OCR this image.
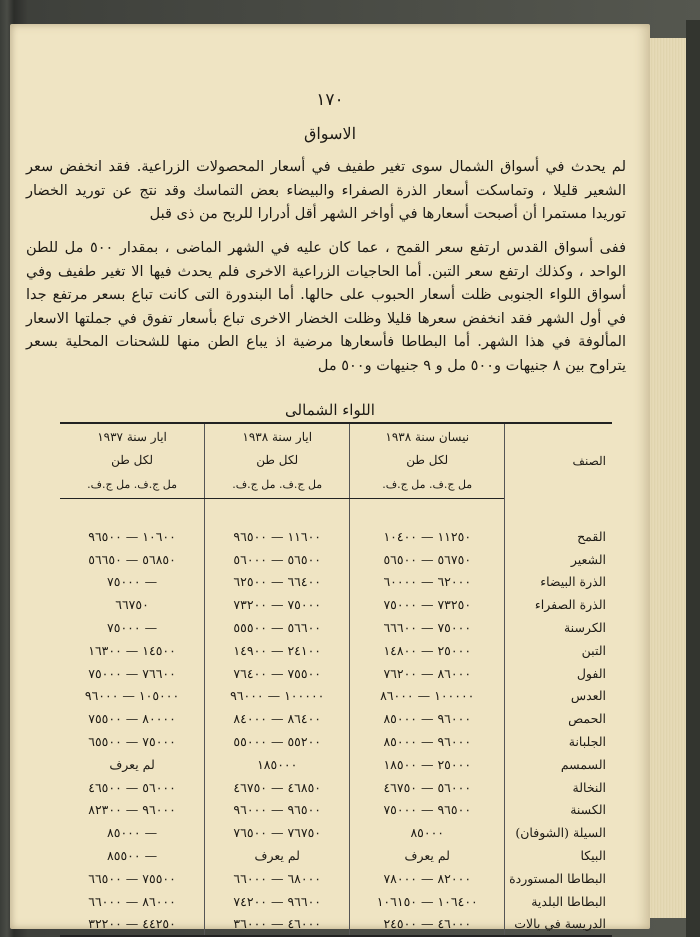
١٧٠
الاسواق
لم يحدث في أسواق الشمال سوى تغير طفيف في أسعار المحصولات الزراعية. فقد انخفض سعر الشعير قليلا ، وتماسكت أسعار الذرة الصفراء والبيضاء بعض التماسك وقد نتج عن توريد الخضار توريدا مستمرا أن أصبحت أسعارها في أواخر الشهر أقل أدرارا للربح من ذى قبل
ففى أسواق القدس ارتفع سعر القمح ، عما كان عليه في الشهر الماضى ، بمقدار ٥٠٠ مل للطن الواحد ، وكذلك ارتفع سعر التبن. أما الحاجيات الزراعية الاخرى فلم يحدث فيها الا تغير طفيف وفي أسواق اللواء الجنوبى ظلت أسعار الحبوب على حالها. أما البندورة التى كانت تباع بسعر مرتفع جدا في أول الشهر فقد انخفض سعرها قليلا وظلت الخضار الاخرى تباع بأسعار تفوق في جملتها الاسعار المألوفة في هذا الشهر. أما البطاطا فأسعارها مرضية اذ يباع الطن منها للشحنات المحلية بسعر يتراوح بين ٨ جنيهات و٥٠٠ مل و ٩ جنيهات و٥٠٠ مل
اللواء الشمالى
الصنف	نيسان سنة ١٩٣٨	ايار سنة ١٩٣٨	ايار سنة ١٩٣٧
	لكل طن	لكل طن	لكل طن
	مل ج.ف. مل ج.ف.	مل ج.ف. مل ج.ف.	مل ج.ف. مل ج.ف.
القمح	١١٢٥٠ — ١٠٤٠٠	١١٦٠٠ — ٩٦٥٠٠	١٠٦٠٠ — ٩٦٥٠٠
الشعير	٥٦٧٥٠ — ٥٦٥٠٠	٥٦٥٠٠ — ٥٦٠٠٠	٥٦٨٥٠ — ٥٦٦٥٠
الذرة البيضاء	٦٢٠٠٠ — ٦٠٠٠٠	٦٦٤٠٠ — ٦٢٥٠٠	— ٧٥٠٠٠
الذرة الصفراء	٧٣٢٥٠ — ٧٥٠٠٠	٧٥٠٠٠ — ٧٣٢٠٠	٦٦٧٥٠
الكرسنة	٧٥٠٠٠ — ٦٦٦٠٠	٥٦٦٠٠ — ٥٥٥٠٠	— ٧٥٠٠٠
التبن	٢٥٠٠٠ — ١٤٨٠٠	٢٤١٠٠ — ١٤٩٠٠	١٤٥٠٠ — ١٦٣٠٠
الفول	٨٦٠٠٠ — ٧٦٢٠٠	٧٥٥٠٠ — ٧٦٤٠٠	٧٦٦٠٠ — ٧٥٠٠٠
العدس	١٠٠٠٠٠ — ٨٦٠٠٠	١٠٠٠٠٠ — ٩٦٠٠٠	١٠٥٠٠٠ — ٩٦٠٠٠
الحمص	٩٦٠٠٠ — ٨٥٠٠٠	٨٦٤٠٠ — ٨٤٠٠٠	٨٠٠٠٠ — ٧٥٥٠٠
الجلبانة	٩٦٠٠٠ — ٨٥٠٠٠	٥٥٢٠٠ — ٥٥٠٠٠	٧٥٠٠٠ — ٦٥٥٠٠
السمسم	٢٥٠٠٠ — ١٨٥٠٠	١٨٥٠٠٠	لم يعرف
النخالة	٥٦٠٠٠ — ٤٦٧٥٠	٤٦٨٥٠ — ٤٦٧٥٠	٥٦٠٠٠ — ٤٦٥٠٠
الكسنة	٩٦٥٠٠ — ٧٥٠٠٠	٩٦٥٠٠ — ٩٦٠٠٠	٩٦٠٠٠ — ٨٢٣٠٠
السيلة (الشوفان)	٨٥٠٠٠	٧٦٧٥٠ — ٧٦٥٠٠	— ٨٥٠٠٠
البيكا	لم يعرف	لم يعرف	— ٨٥٥٠٠
البطاطا المستوردة	٨٢٠٠٠ — ٧٨٠٠٠	٦٨٠٠٠ — ٦٦٠٠٠	٧٥٥٠٠ — ٦٦٥٠٠
البطاطا البلدية	١٠٦٤٠٠ — ١٠٦١٥٠	٩٦٦٠٠ — ٧٤٢٠٠	٨٦٠٠٠ — ٦٦٠٠٠
الدريسة في بالات	٤٦٠٠٠ — ٢٤٥٠٠	٤٦٠٠٠ — ٣٦٠٠٠	٤٤٢٥٠ — ٣٢٢٠٠
